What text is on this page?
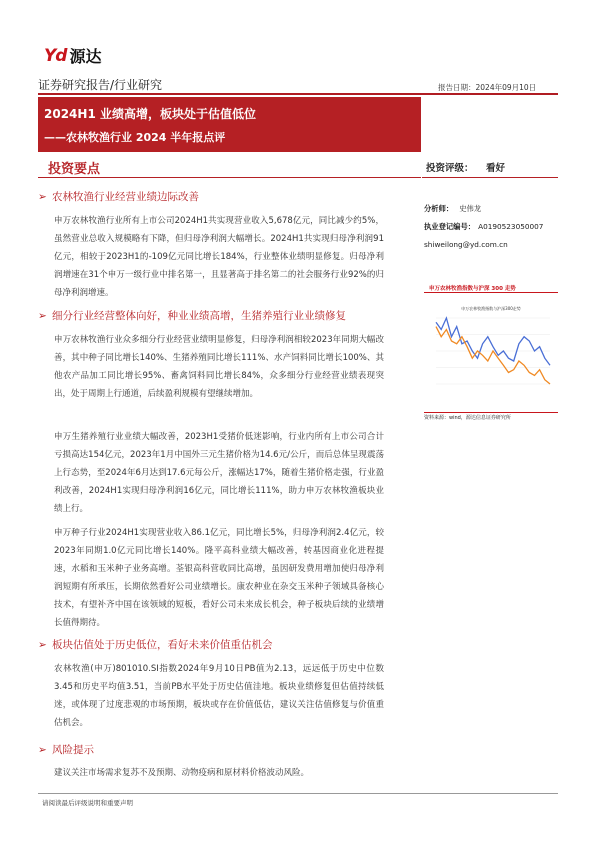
Yd 源达
证券研究报告/行业研究	报告日期：2024年09月10日
2024H1 业绩高增，板块处于估值低位
——农林牧渔行业 2024 半年报点评
投资要点	投资评级： 看好
分析师： 史伟龙
执业登记编号： A0190523050007
shiweilong@yd.com.cn
申万农林牧渔指数与沪深 300 走势
申万农林牧渔指数与沪深300走势
资料来源：wind，源达信息证券研究所
➢ 农林牧渔行业经营业绩边际改善

申万农林牧渔行业所有上市公司2024H1共实现营业收入5,678亿元，同比减少约5%，虽然营业总收入规模略有下降，但归母净利润大幅增长。2024H1共实现归母净利润91亿元，相较于2023H1的-109亿元同比增长184%，行业整体业绩明显修复。归母净利润增速在31个申万一级行业中排名第一，且显著高于排名第二的社会服务行业92%的归母净利润增速。

➢ 细分行业经营整体向好，种业业绩高增，生猪养殖行业业绩修复

申万农林牧渔行业众多细分行业经营业绩明显修复，归母净利润相较2023年同期大幅改善，其中种子同比增长140%、生猪养殖同比增长111%、水产饲料同比增长100%、其他农产品加工同比增长95%、畜禽饲料同比增长84%，众多细分行业经营业绩表现突出，处于周期上行通道，后续盈利规模有望继续增加。

申万生猪养殖行业业绩大幅改善，2023H1受猪价低迷影响，行业内所有上市公司合计亏损高达154亿元，2023年1月中国外三元生猪价格为14.6元/公斤，而后总体呈现震荡上行态势，至2024年6月达到17.6元每公斤，涨幅达17%，随着生猪价格走强，行业盈利改善，2024H1实现归母净利润16亿元，同比增长111%，助力申万农林牧渔板块业绩上行。

申万种子行业2024H1实现营业收入86.1亿元，同比增长5%，归母净利润2.4亿元，较2023年同期1.0亿元同比增长140%。隆平高科业绩大幅改善，转基因商业化进程提速，水稻和玉米种子业务高增。荃银高科营收同比高增，虽因研发费用增加使归母净利润短期有所承压，长期依然看好公司业绩增长。康农种业在杂交玉米种子领域具备核心技术，有望补齐中国在该领域的短板，看好公司未来成长机会，种子板块后续的业绩增长值得期待。

➢ 板块估值处于历史低位，看好未来价值重估机会

农林牧渔(申万)801010.SI指数2024年9月10日PB值为2.13，远远低于历史中位数3.45和历史平均值3.51，当前PB水平处于历史估值洼地。板块业绩修复但估值持续低迷，或体现了过度悲观的市场预期，板块或存在价值低估，建议关注估值修复与价值重估机会。

➢ 风险提示

建议关注市场需求复苏不及预期、动物疫病和原材料价格波动风险。

请阅读最后评级说明和重要声明
